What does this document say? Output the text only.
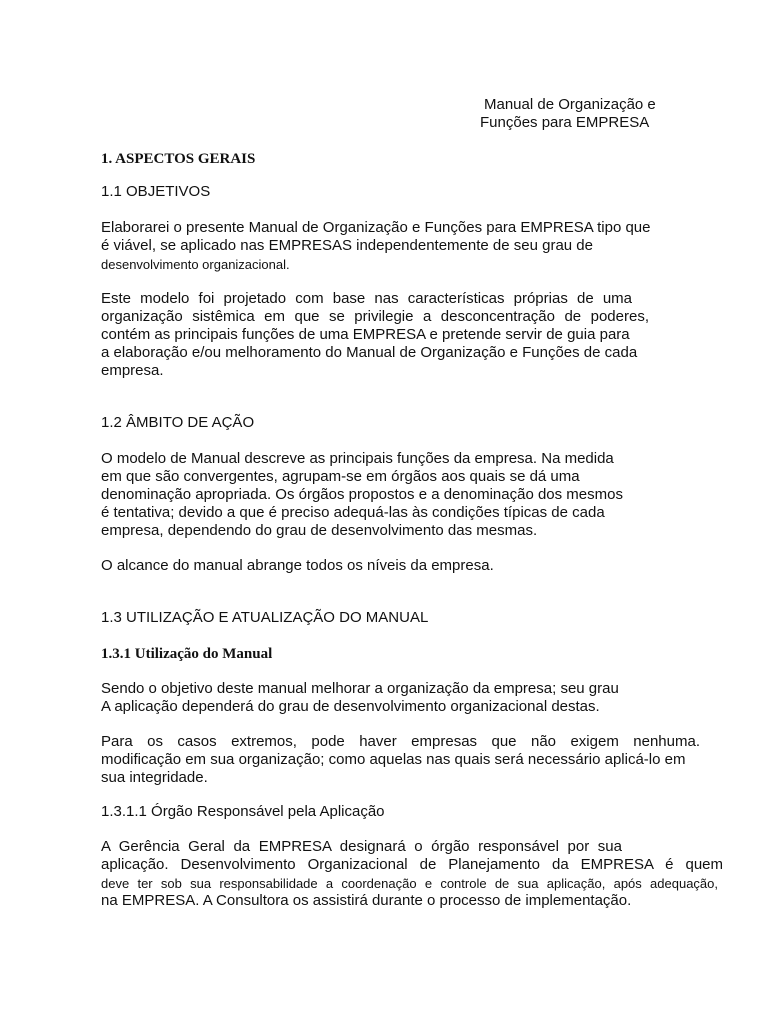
Manual de Organização e
Funções para EMPRESA
1. ASPECTOS GERAIS
1.1 OBJETIVOS
Elaborarei o presente Manual de Organização e Funções para EMPRESA tipo que
é viável, se aplicado nas EMPRESAS independentemente de seu grau de
desenvolvimento organizacional.
Este modelo foi projetado com base nas características próprias de uma
organização sistêmica em que se privilegie a desconcentração de poderes,
contém as principais funções de uma EMPRESA e pretende servir de guia para
a elaboração e/ou melhoramento do Manual de Organização e Funções de cada
empresa.
1.2 ÂMBITO DE AÇÃO
O modelo de Manual descreve as principais funções da empresa. Na medida
em que são convergentes, agrupam-se em órgãos aos quais se dá uma
denominação apropriada. Os órgãos propostos e a denominação dos mesmos
é tentativa; devido a que é preciso adequá-las às condições típicas de cada
empresa, dependendo do grau de desenvolvimento das mesmas.
O alcance do manual abrange todos os níveis da empresa.
1.3 UTILIZAÇÃO E ATUALIZAÇÃO DO MANUAL
1.3.1 Utilização do Manual
Sendo o objetivo deste manual melhorar a organização da empresa; seu grau
A aplicação dependerá do grau de desenvolvimento organizacional destas.
Para os casos extremos, pode haver empresas que não exigem nenhuma.
modificação em sua organização; como aquelas nas quais será necessário aplicá-lo em
sua integridade.
1.3.1.1 Órgão Responsável pela Aplicação
A Gerência Geral da EMPRESA designará o órgão responsável por sua
aplicação. Desenvolvimento Organizacional de Planejamento da EMPRESA é quem
deve ter sob sua responsabilidade a coordenação e controle de sua aplicação, após adequação,
na EMPRESA. A Consultora os assistirá durante o processo de implementação.
